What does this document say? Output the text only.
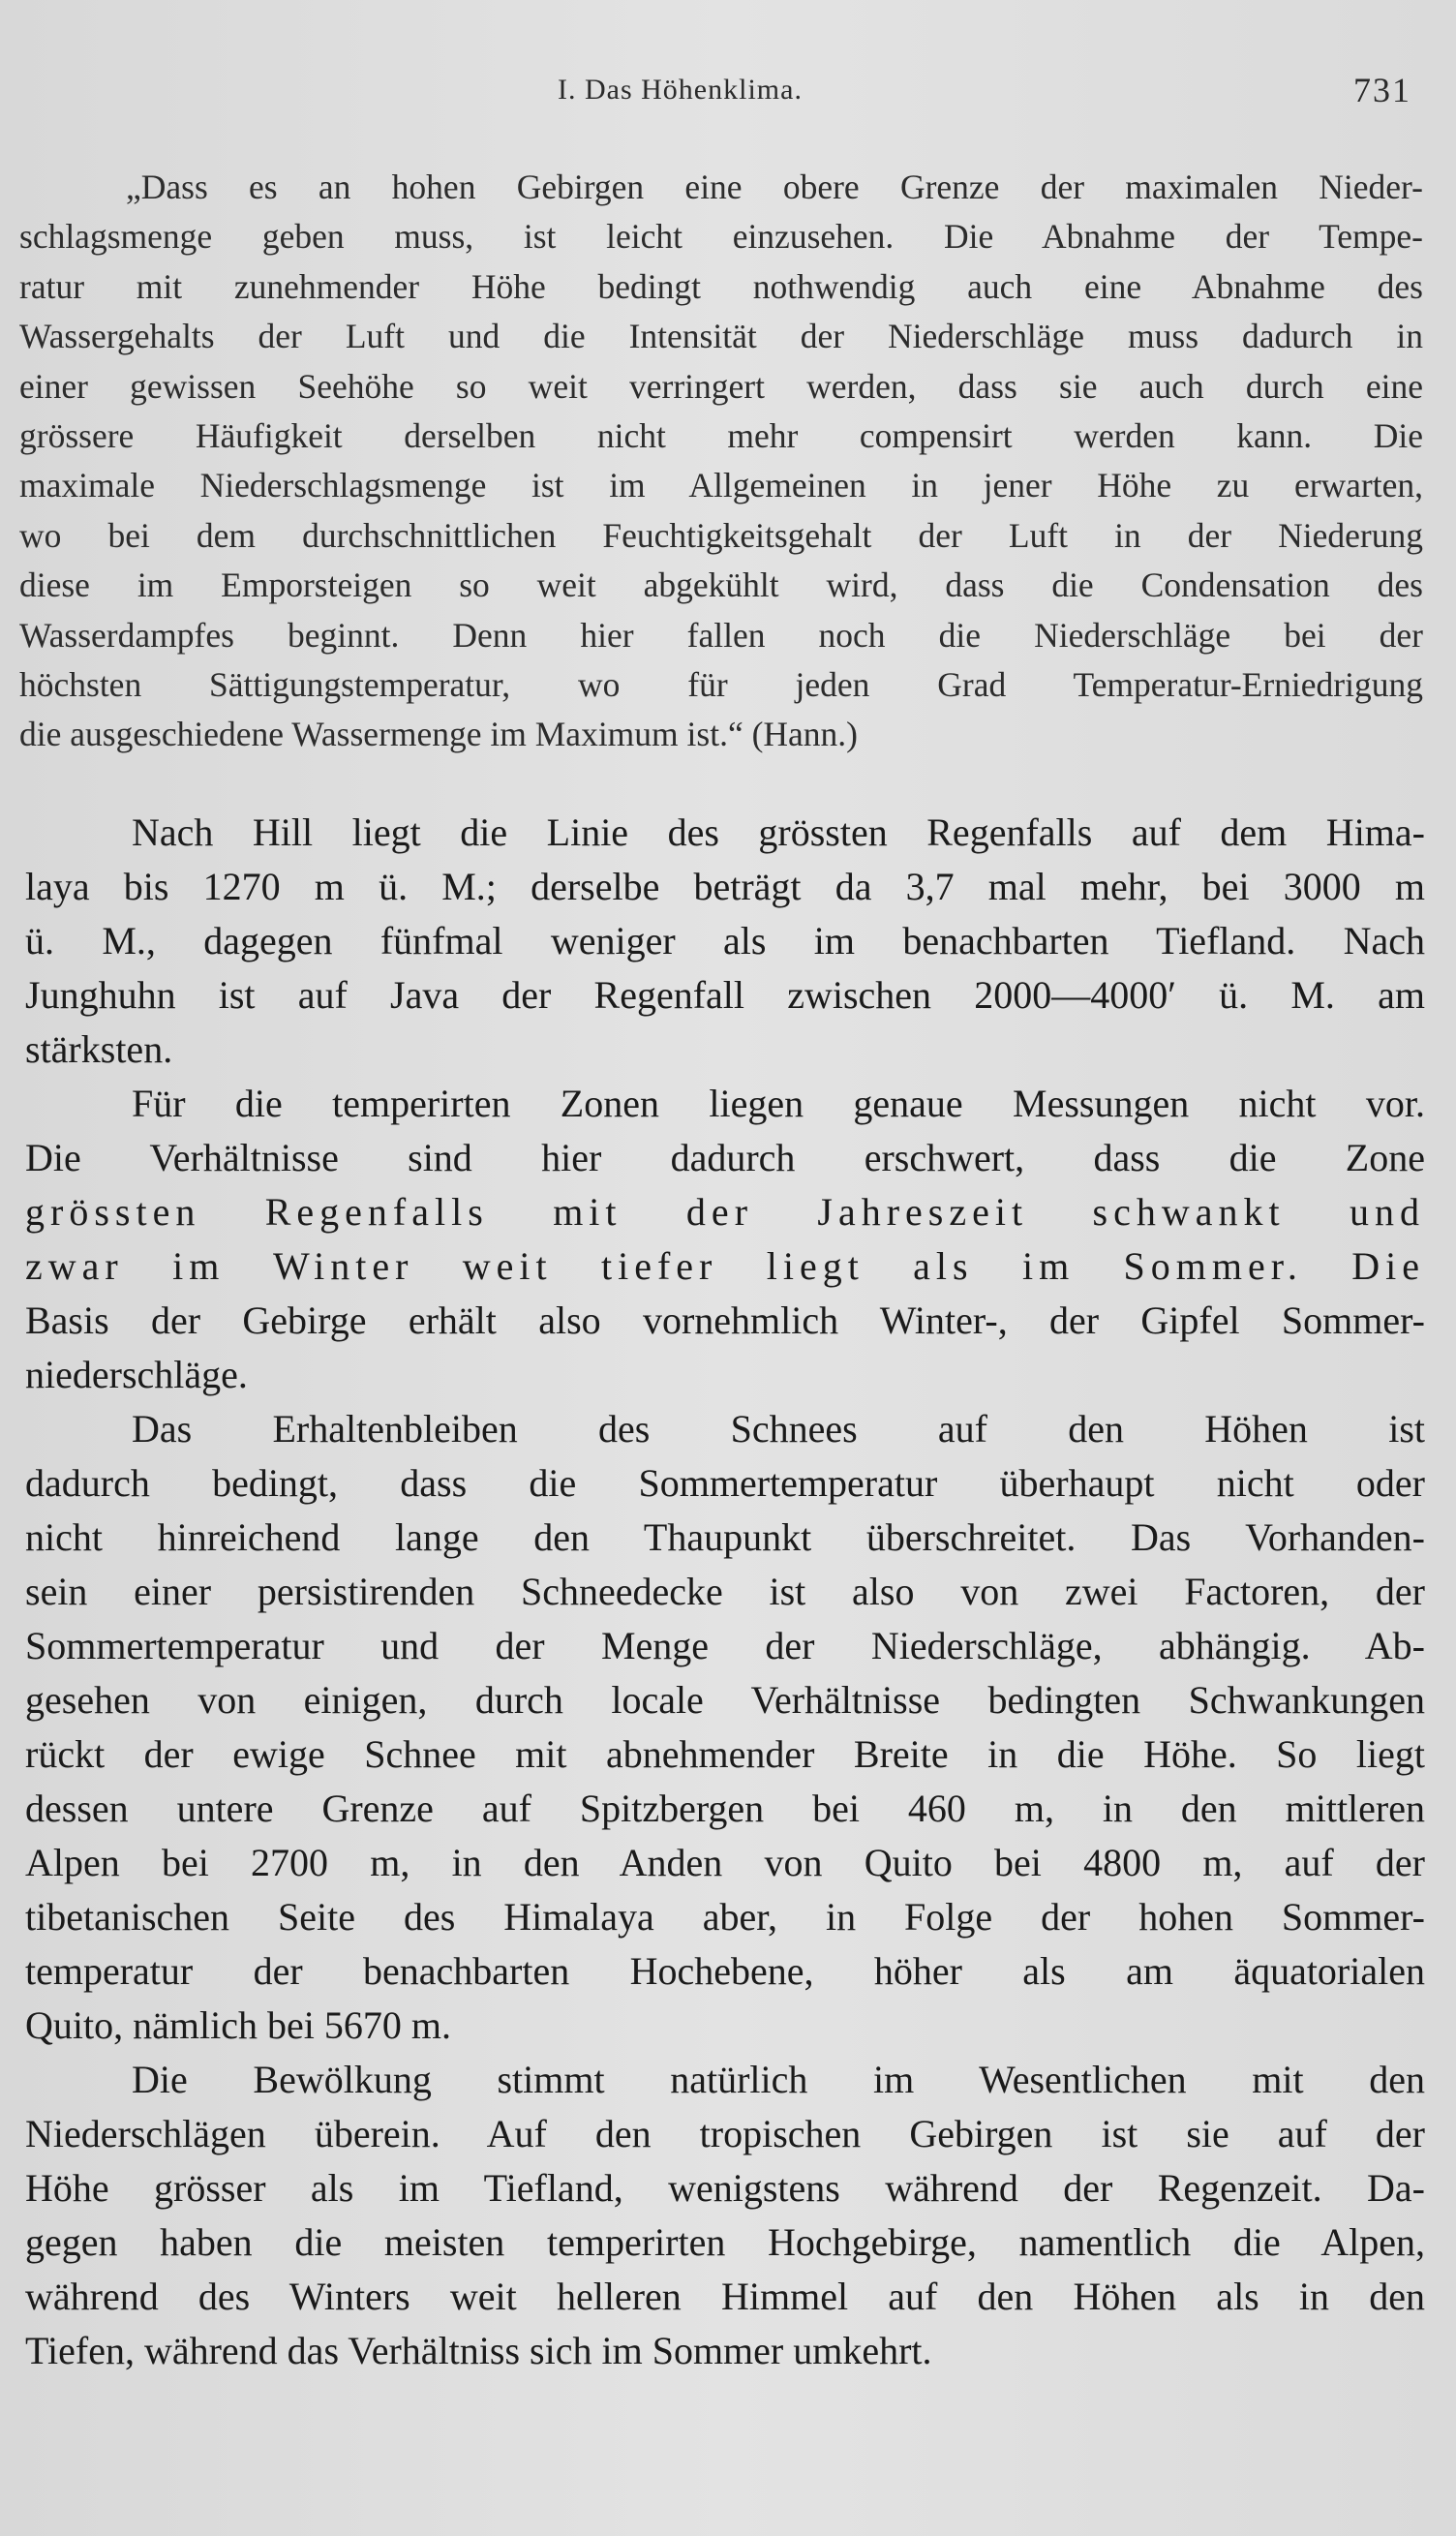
I. Das Höhenklima.	731
„Dass es an hohen Gebirgen eine obere Grenze der maximalen Nieder-
schlagsmenge geben muss, ist leicht einzusehen. Die Abnahme der Tempe-
ratur mit zunehmender Höhe bedingt nothwendig auch eine Abnahme des
Wassergehalts der Luft und die Intensität der Niederschläge muss dadurch in
einer gewissen Seehöhe so weit verringert werden, dass sie auch durch eine
grössere Häufigkeit derselben nicht mehr compensirt werden kann. Die
maximale Niederschlagsmenge ist im Allgemeinen in jener Höhe zu erwarten,
wo bei dem durchschnittlichen Feuchtigkeitsgehalt der Luft in der Niederung
diese im Emporsteigen so weit abgekühlt wird, dass die Condensation des
Wasserdampfes beginnt. Denn hier fallen noch die Niederschläge bei der
höchsten Sättigungstemperatur, wo für jeden Grad Temperatur-Erniedrigung
die ausgeschiedene Wassermenge im Maximum ist.“ (Hann.)
Nach Hill liegt die Linie des grössten Regenfalls auf dem Hima-
laya bis 1270 m ü. M.; derselbe beträgt da 3,7 mal mehr, bei 3000 m
ü. M., dagegen fünfmal weniger als im benachbarten Tiefland. Nach
Junghuhn ist auf Java der Regenfall zwischen 2000—4000′ ü. M. am
stärksten.
Für die temperirten Zonen liegen genaue Messungen nicht vor.
Die Verhältnisse sind hier dadurch erschwert, dass die Zone
grössten Regenfalls mit der Jahreszeit schwankt und
zwar im Winter weit tiefer liegt als im Sommer. Die
Basis der Gebirge erhält also vornehmlich Winter-, der Gipfel Sommer-
niederschläge.
Das Erhaltenbleiben des Schnees auf den Höhen ist
dadurch bedingt, dass die Sommertemperatur überhaupt nicht oder
nicht hinreichend lange den Thaupunkt überschreitet. Das Vorhanden-
sein einer persistirenden Schneedecke ist also von zwei Factoren, der
Sommertemperatur und der Menge der Niederschläge, abhängig. Ab-
gesehen von einigen, durch locale Verhältnisse bedingten Schwankungen
rückt der ewige Schnee mit abnehmender Breite in die Höhe. So liegt
dessen untere Grenze auf Spitzbergen bei 460 m, in den mittleren
Alpen bei 2700 m, in den Anden von Quito bei 4800 m, auf der
tibetanischen Seite des Himalaya aber, in Folge der hohen Sommer-
temperatur der benachbarten Hochebene, höher als am äquatorialen
Quito, nämlich bei 5670 m.
Die Bewölkung stimmt natürlich im Wesentlichen mit den
Niederschlägen überein. Auf den tropischen Gebirgen ist sie auf der
Höhe grösser als im Tiefland, wenigstens während der Regenzeit. Da-
gegen haben die meisten temperirten Hochgebirge, namentlich die Alpen,
während des Winters weit helleren Himmel auf den Höhen als in den
Tiefen, während das Verhältniss sich im Sommer umkehrt.
